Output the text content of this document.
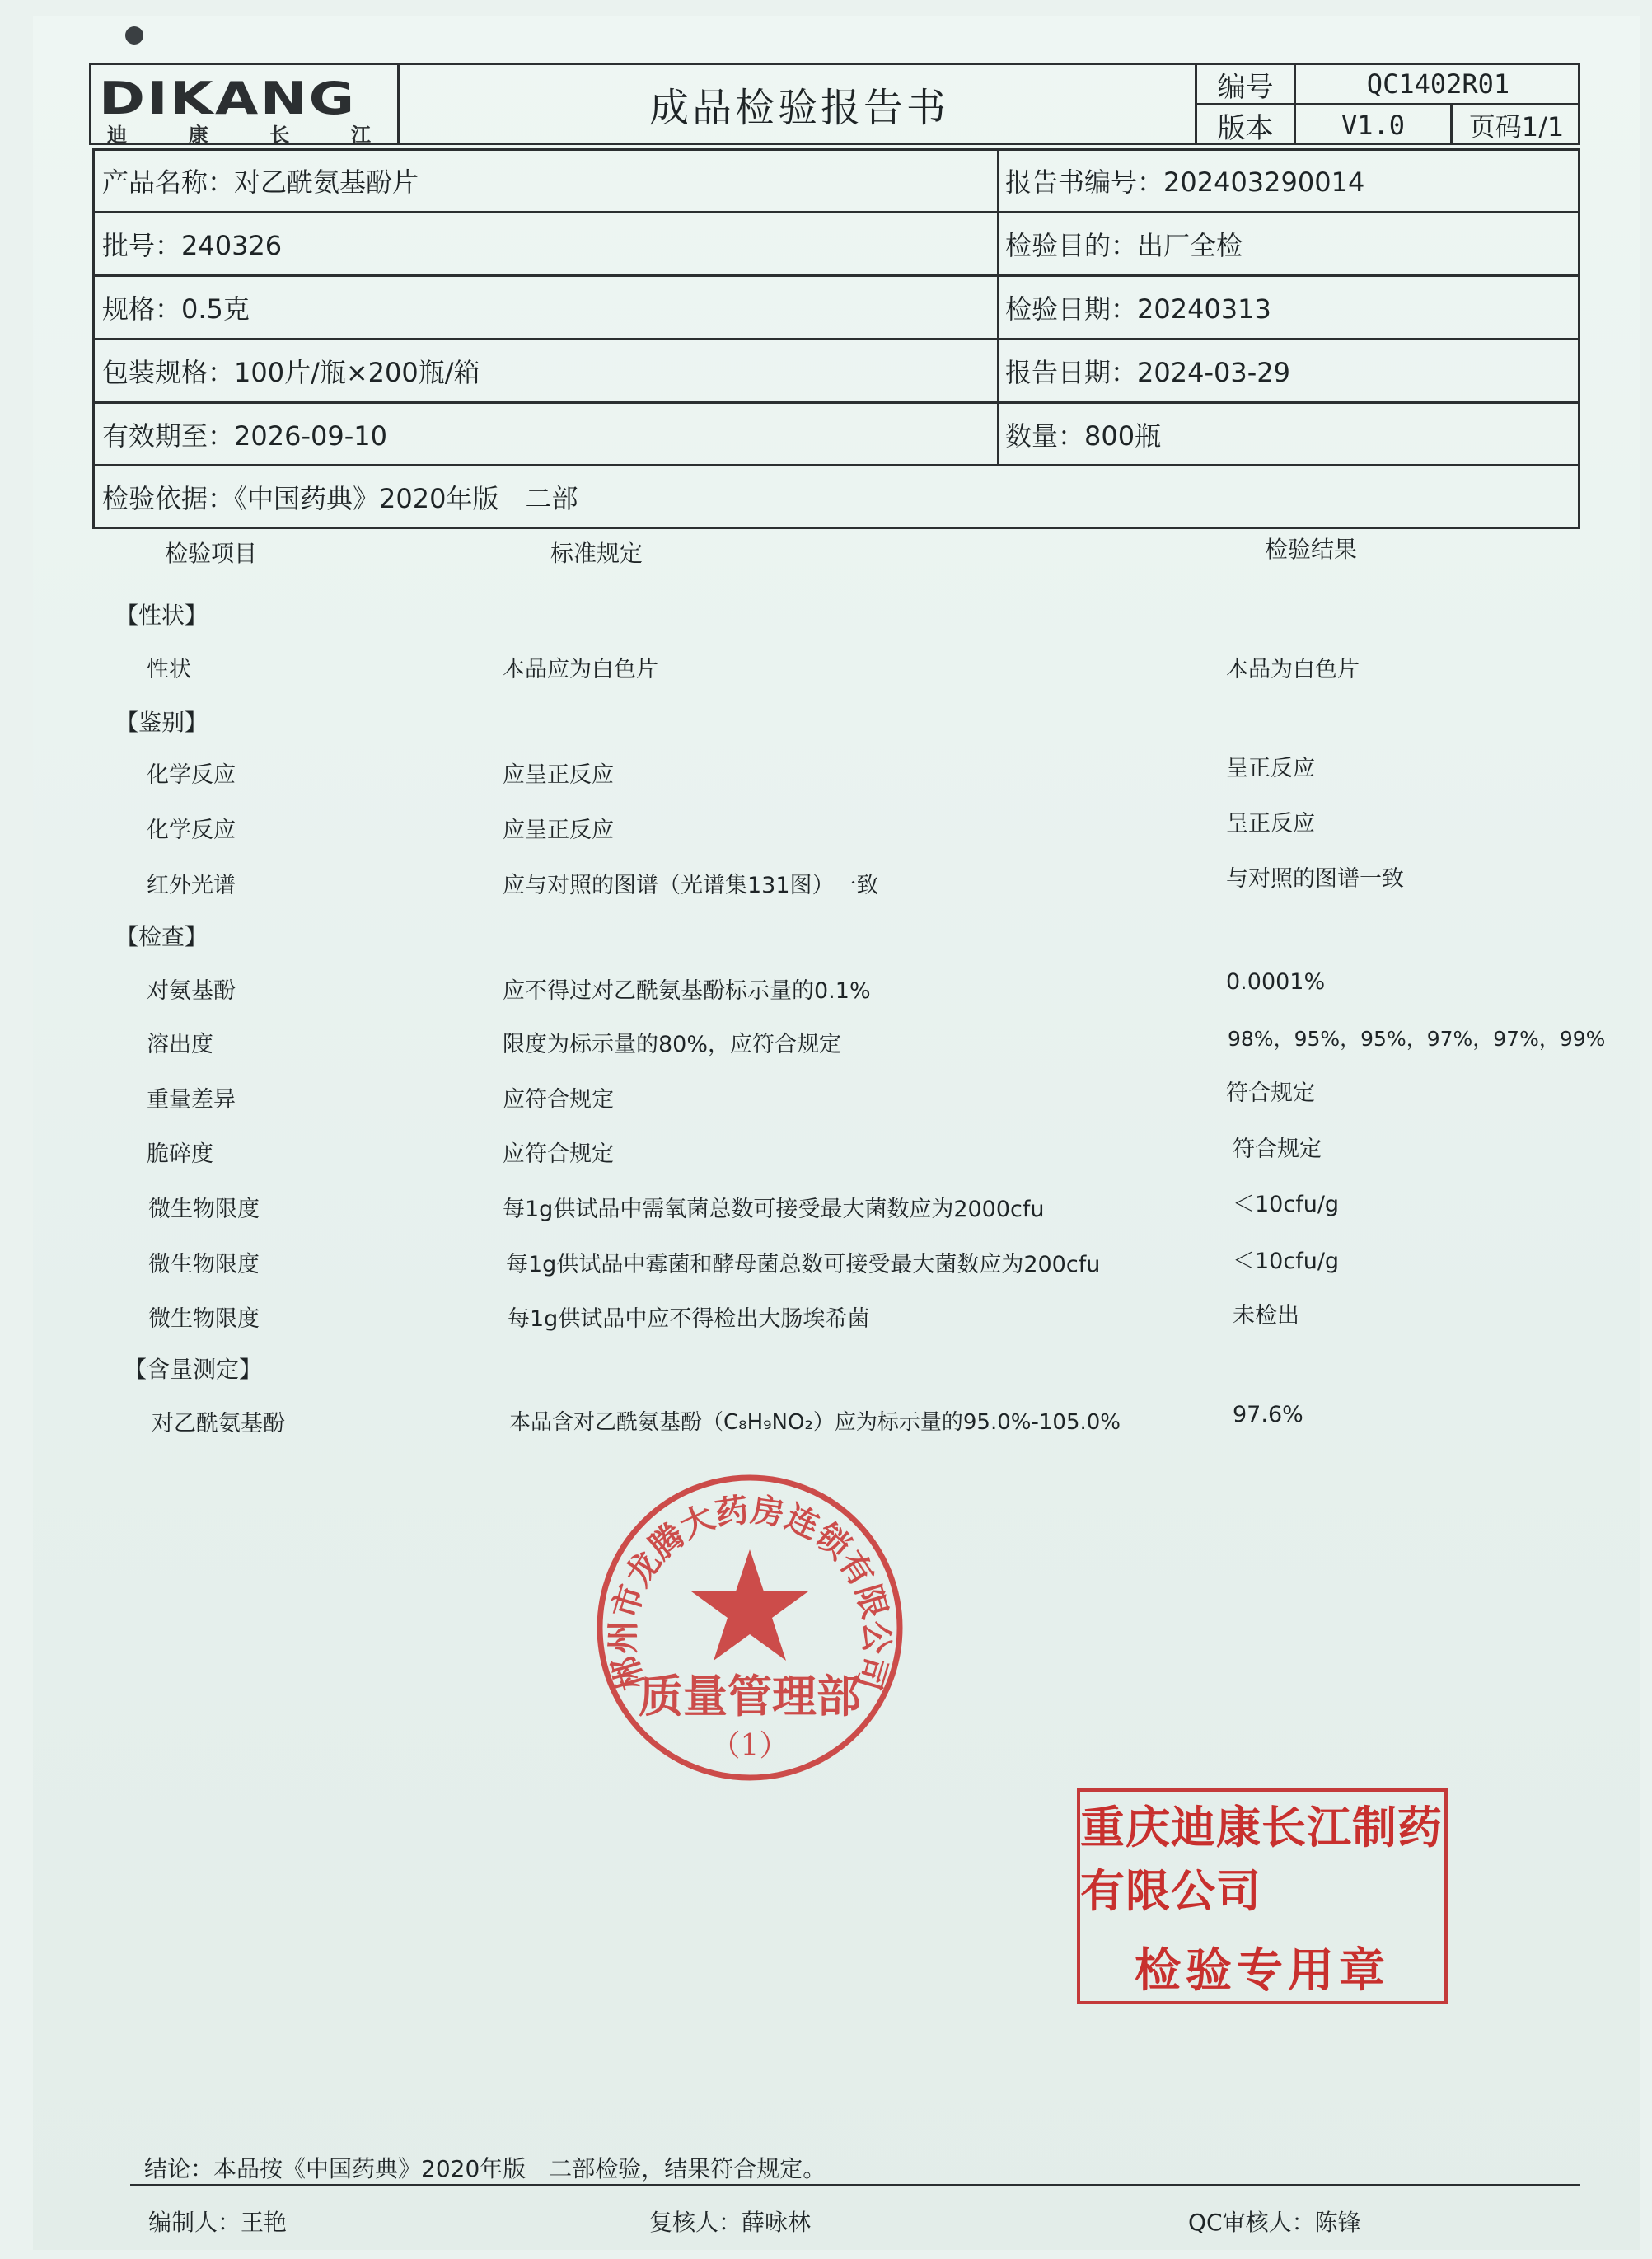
DIKANG
迪	康	长	江
成品检验报告书	编号	QC1402R01
版本	V1.0	页码1/1
产品名称：对乙酰氨基酚片	报告书编号：202403290014
批号：240326	检验目的：出厂全检
规格：0.5克	检验日期：20240313
包装规格：100片/瓶×200瓶/箱	报告日期：2024-03-29
有效期至：2026-09-10	数量：800瓶
检验依据：《中国药典》2020年版　二部
检验项目	标准规定	检验结果
【性状】
性状	本品应为白色片	本品为白色片
【鉴别】
化学反应	应呈正反应	呈正反应
化学反应	应呈正反应	呈正反应
红外光谱	应与对照的图谱（光谱集131图）一致	与对照的图谱一致
【检查】
对氨基酚	应不得过对乙酰氨基酚标示量的0.1%	0.0001%
溶出度	限度为标示量的80%，应符合规定	98%，95%，95%，97%，97%，99%
重量差异	应符合规定	符合规定
脆碎度	应符合规定	符合规定
微生物限度	每1g供试品中需氧菌总数可接受最大菌数应为2000cfu	＜10cfu/g
微生物限度	每1g供试品中霉菌和酵母菌总数可接受最大菌数应为200cfu	＜10cfu/g
微生物限度	每1g供试品中应不得检出大肠埃希菌	未检出
【含量测定】
对乙酰氨基酚	本品含对乙酰氨基酚（C₈H₉NO₂）应为标示量的95.0%-105.0%	97.6%
郴州市龙腾大药房连锁有限公司
质量管理部
（1）
重庆迪康长江制药有限公司
检验专用章
结论：本品按《中国药典》2020年版　二部检验，结果符合规定。
编制人：王艳	复核人：薛咏林	QC审核人：陈锋
